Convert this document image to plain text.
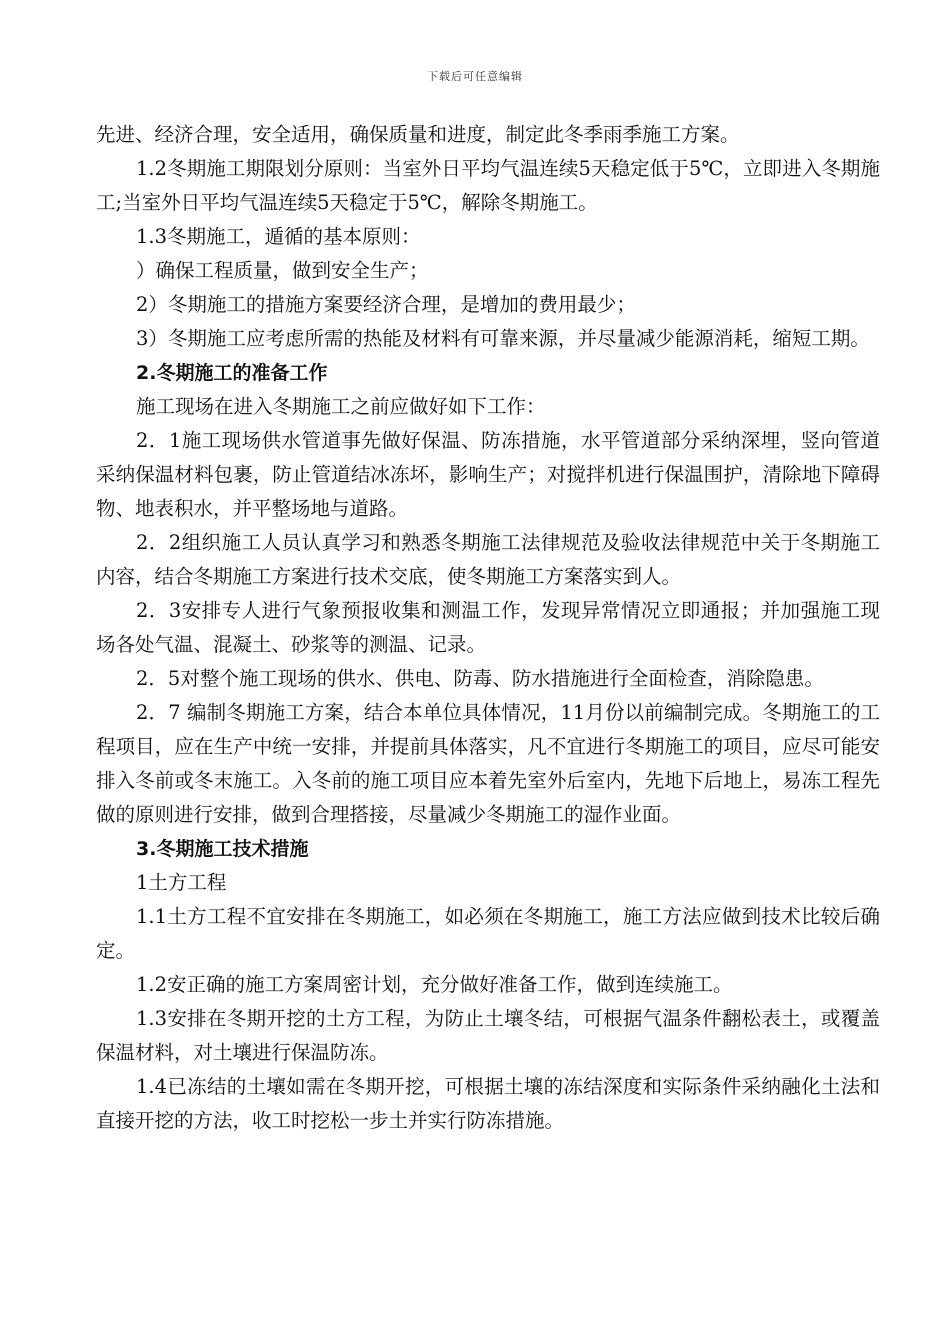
下载后可任意编辑

先进、经济合理，安全适用，确保质量和进度，制定此冬季雨季施工方案。

1.2冬期施工期限划分原则：当室外日平均气温连续5天稳定低于5℃，立即进入冬期施工;当室外日平均气温连续5天稳定于5℃，解除冬期施工。

1.3冬期施工，遁循的基本原则：

）确保工程质量，做到安全生产；

2）冬期施工的措施方案要经济合理，是增加的费用最少；

3）冬期施工应考虑所需的热能及材料有可靠来源，并尽量减少能源消耗，缩短工期。

2.冬期施工的准备工作

施工现场在进入冬期施工之前应做好如下工作：

2．1施工现场供水管道事先做好保温、防冻措施，水平管道部分采纳深埋，竖向管道采纳保温材料包裹，防止管道结冰冻坏，影响生产；对搅拌机进行保温围护，清除地下障碍物、地表积水，并平整场地与道路。

2．2组织施工人员认真学习和熟悉冬期施工法律规范及验收法律规范中关于冬期施工内容，结合冬期施工方案进行技术交底，使冬期施工方案落实到人。

2．3安排专人进行气象预报收集和测温工作，发现异常情况立即通报；并加强施工现场各处气温、混凝土、砂浆等的测温、记录。

2．5对整个施工现场的供水、供电、防毒、防水措施进行全面检查，消除隐患。

2．7 编制冬期施工方案，结合本单位具体情况，11月份以前编制完成。冬期施工的工程项目，应在生产中统一安排，并提前具体落实，凡不宜进行冬期施工的项目，应尽可能安排入冬前或冬末施工。入冬前的施工项目应本着先室外后室内，先地下后地上，易冻工程先做的原则进行安排，做到合理搭接，尽量减少冬期施工的湿作业面。

3.冬期施工技术措施

1土方工程

1.1土方工程不宜安排在冬期施工，如必须在冬期施工，施工方法应做到技术比较后确定。

1.2安正确的施工方案周密计划，充分做好准备工作，做到连续施工。

1.3安排在冬期开挖的土方工程，为防止土壤冬结，可根据气温条件翻松表土，或覆盖保温材料，对土壤进行保温防冻。

1.4已冻结的土壤如需在冬期开挖，可根据土壤的冻结深度和实际条件采纳融化土法和直接开挖的方法，收工时挖松一步土并实行防冻措施。
